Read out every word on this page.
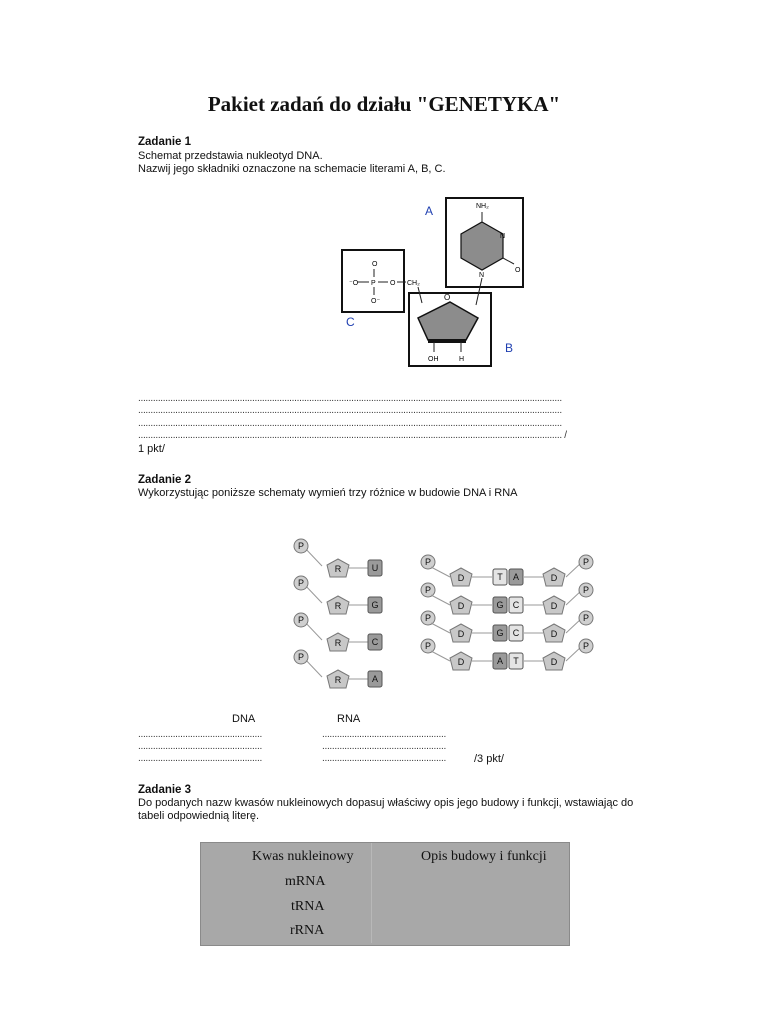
Pakiet zadań do działu "GENETYKA"
Zadanie 1
Schemat przedstawia nukleotyd DNA.
Nazwij jego składniki oznaczone na schemacie literami A, B, C.
O
⁻O P O
O⁻
CH₂
O
OH	H
NH₂
N
N
O
A
C
B
...........................................................................................................................................................................
...........................................................................................................................................................................
...........................................................................................................................................................................
........................................................................................................................................................................... /
1 pkt/
Zadanie 2
Wykorzystując poniższe schematy wymień trzy różnice w budowie DNA i RNA
P
R	U
P
R	G
P
R	C
P
R	A
P
D	T A	D
P
P
D	G C	D
P
P
D	G C	D
P
P
D	A T	D
P
DNA	RNA
..................................................
..................................................
..................................................
..................................................
..................................................
..................................................	/3 pkt/
Zadanie 3
Do podanych nazw kwasów nukleinowych dopasuj właściwy opis jego budowy i funkcji, wstawiając do
tabeli odpowiednią literę.
Kwas nukleinowy	Opis budowy i funkcji
mRNA
tRNA
rRNA
